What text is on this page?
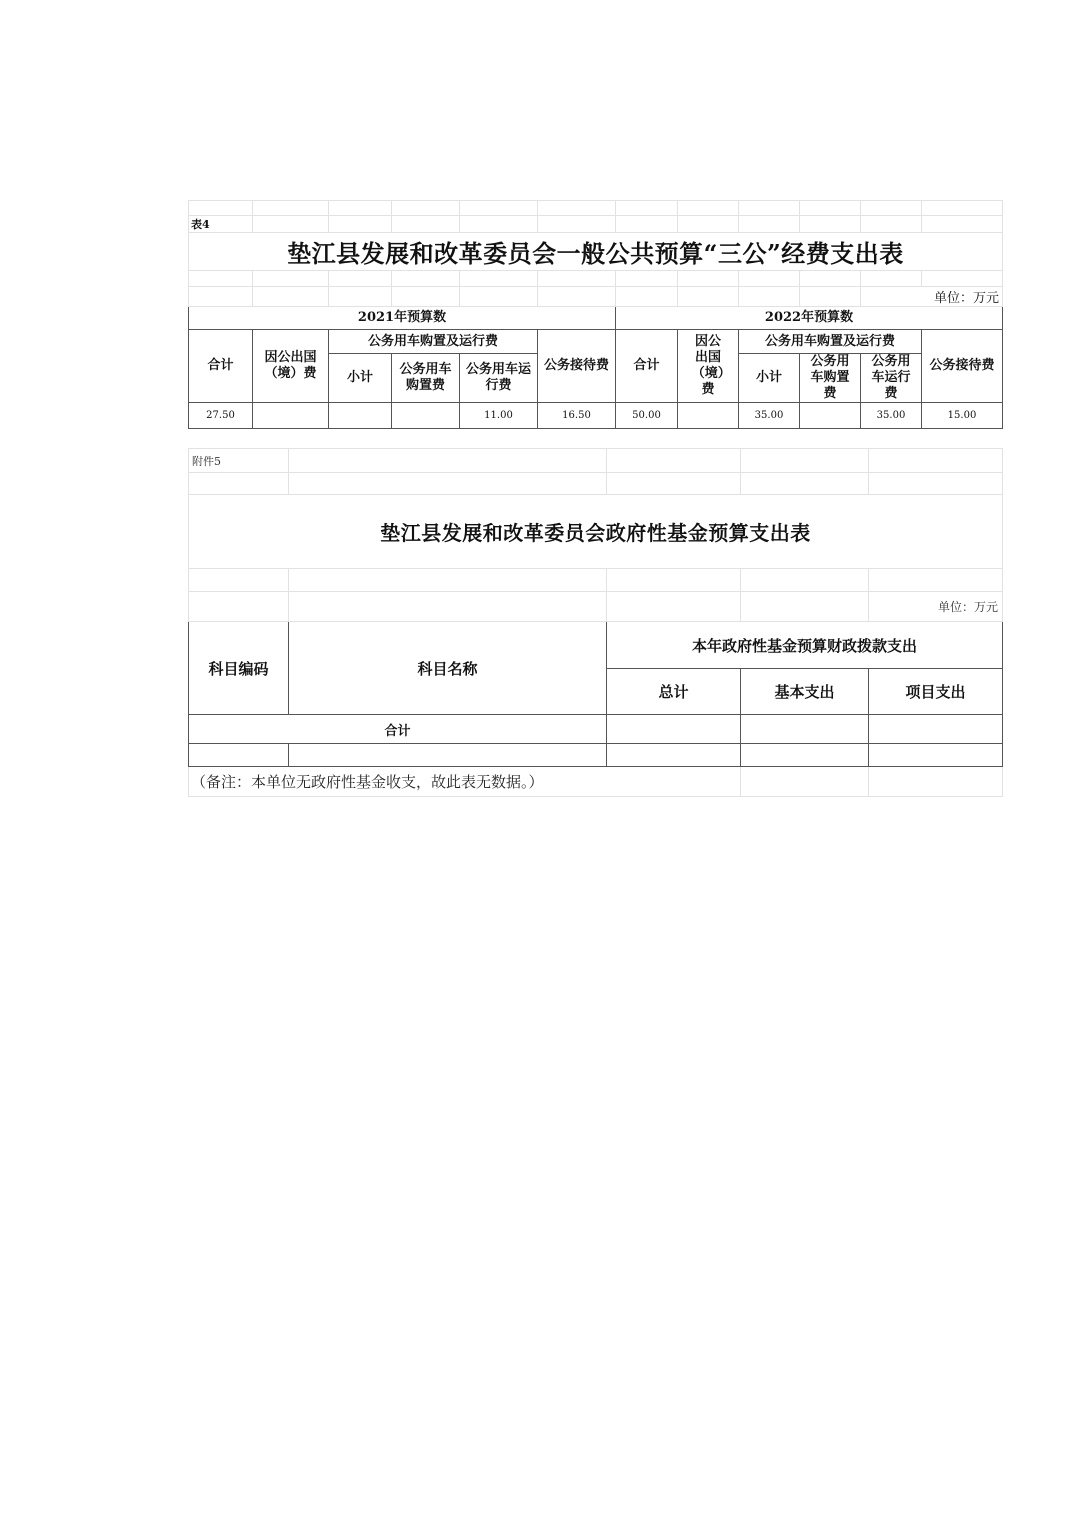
表4											
垫江县发展和改革委员会一般公共预算“三公”经费支出表											

										单位：万元	
2021年预算数						2022年预算数					
合计	因公出国（境）费	公务用车购置及运行费			公务接待费	合计	因公出国（境）费	公务用车购置及运行费			公务接待费
		小计	公务用车购置费	公务用车运行费				小计	公务用车购置费	公务用车运行费	
27.50				11.00	16.50	50.00		35.00		35.00	15.00
附件5				

垫江县发展和改革委员会政府性基金预算支出表				

				单位：万元
科目编码	科目名称	本年政府性基金预算财政拨款支出		
		总计	基本支出	项目支出
合计				

（备注：本单位无政府性基金收支，故此表无数据。）				
